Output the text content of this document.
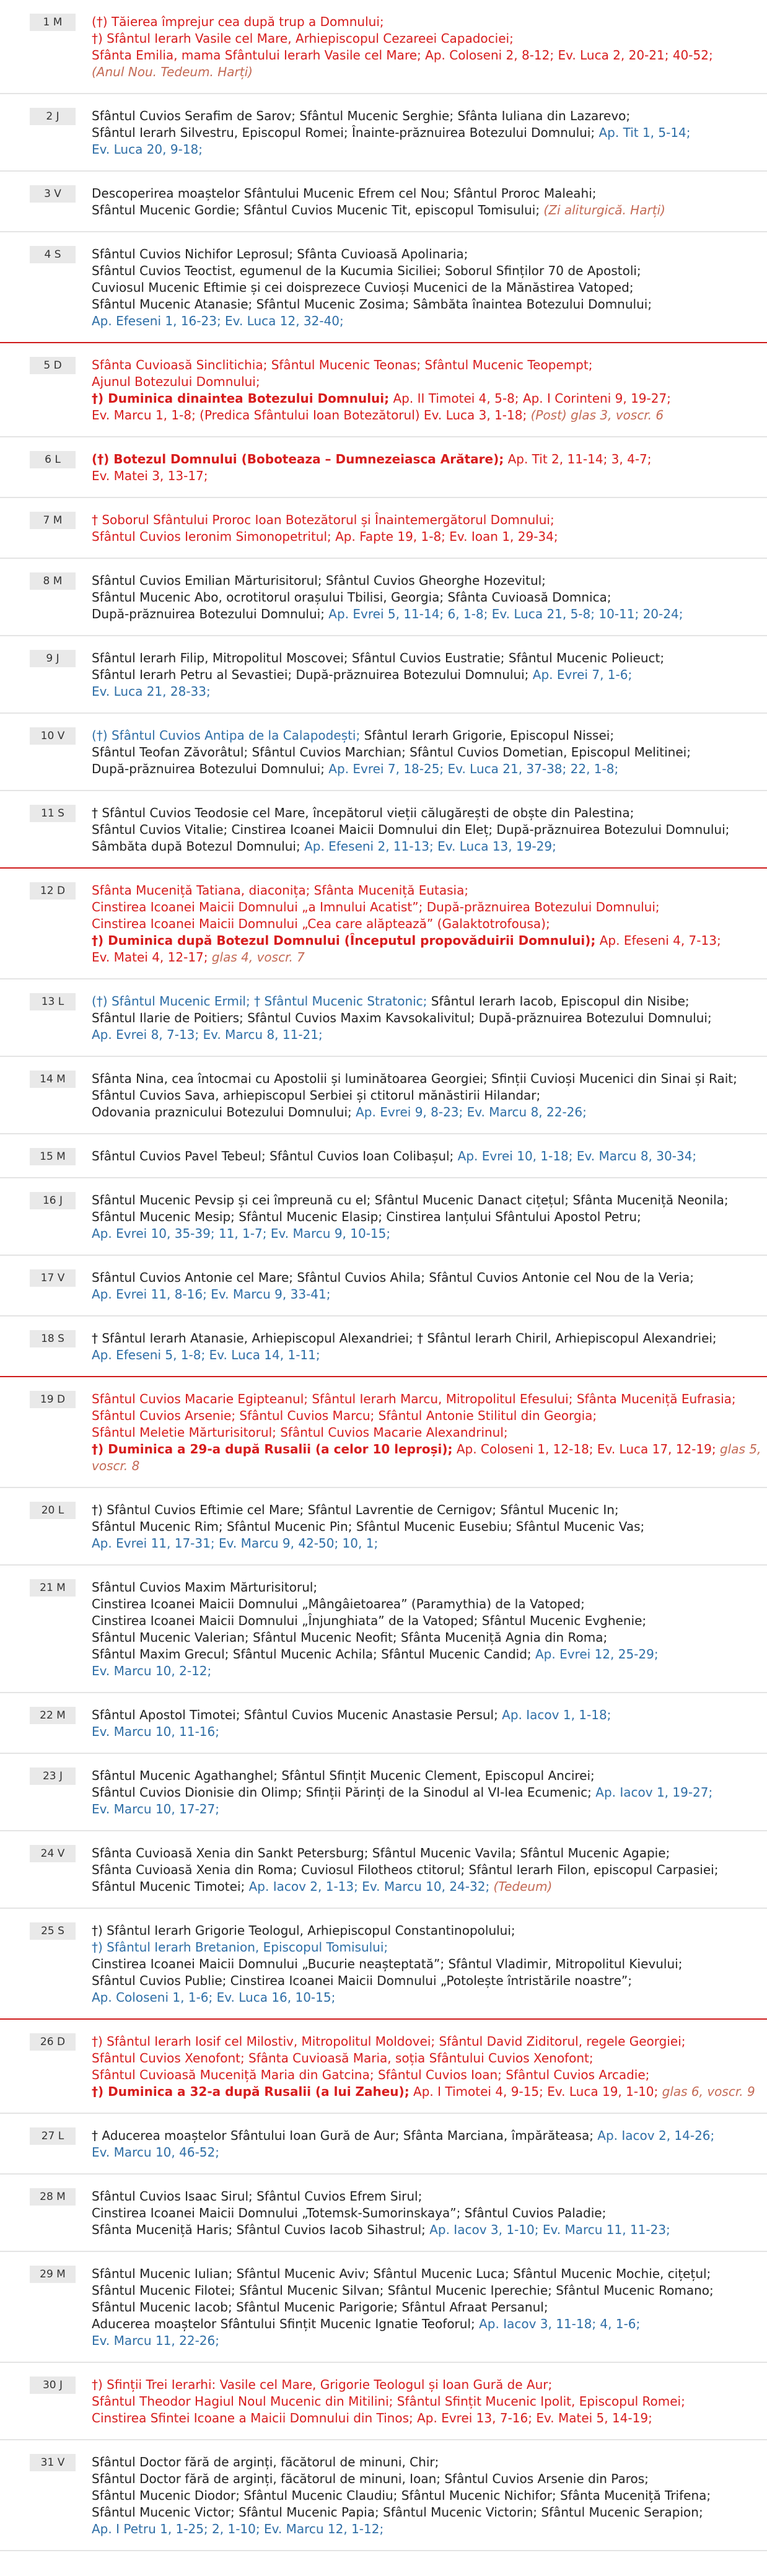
1 M	(†) Tăierea împrejur cea după trup a Domnului;
†) Sfântul Ierarh Vasile cel Mare, Arhiepiscopul Cezareei Capadociei;
Sfânta Emilia, mama Sfântului Ierarh Vasile cel Mare; Ap. Coloseni 2, 8-12; Ev. Luca 2, 20-21; 40-52;
(Anul Nou. Tedeum. Harți)
2 J	Sfântul Cuvios Serafim de Sarov; Sfântul Mucenic Serghie; Sfânta Iuliana din Lazarevo;
Sfântul Ierarh Silvestru, Episcopul Romei; Înainte-prăznuirea Botezului Domnului; Ap. Tit 1, 5-14;
Ev. Luca 20, 9-18;
3 V	Descoperirea moaștelor Sfântului Mucenic Efrem cel Nou; Sfântul Proroc Maleahi;
Sfântul Mucenic Gordie; Sfântul Cuvios Mucenic Tit, episcopul Tomisului; (Zi aliturgică. Harți)
4 S	Sfântul Cuvios Nichifor Leprosul; Sfânta Cuvioasă Apolinaria;
Sfântul Cuvios Teoctist, egumenul de la Kucumia Siciliei; Soborul Sfinților 70 de Apostoli;
Cuviosul Mucenic Eftimie și cei doisprezece Cuvioși Mucenici de la Mănăstirea Vatoped;
Sfântul Mucenic Atanasie; Sfântul Mucenic Zosima; Sâmbăta înaintea Botezului Domnului;
Ap. Efeseni 1, 16-23; Ev. Luca 12, 32-40;
5 D	Sfânta Cuvioasă Sinclitichia; Sfântul Mucenic Teonas; Sfântul Mucenic Teopempt;
Ajunul Botezului Domnului;
†) Duminica dinaintea Botezului Domnului; Ap. II Timotei 4, 5-8; Ap. I Corinteni 9, 19-27;
Ev. Marcu 1, 1-8; (Predica Sfântului Ioan Botezătorul) Ev. Luca 3, 1-18; (Post) glas 3, voscr. 6
6 L	(†) Botezul Domnului (Boboteaza – Dumnezeiasca Arătare); Ap. Tit 2, 11-14; 3, 4-7;
Ev. Matei 3, 13-17;
7 M	† Soborul Sfântului Proroc Ioan Botezătorul și Înaintemergătorul Domnului;
Sfântul Cuvios Ieronim Simonopetritul; Ap. Fapte 19, 1-8; Ev. Ioan 1, 29-34;
8 M	Sfântul Cuvios Emilian Mărturisitorul; Sfântul Cuvios Gheorghe Hozevitul;
Sfântul Mucenic Abo, ocrotitorul orașului Tbilisi, Georgia; Sfânta Cuvioasă Domnica;
După-prăznuirea Botezului Domnului; Ap. Evrei 5, 11-14; 6, 1-8; Ev. Luca 21, 5-8; 10-11; 20-24;
9 J	Sfântul Ierarh Filip, Mitropolitul Moscovei; Sfântul Cuvios Eustratie; Sfântul Mucenic Polieuct;
Sfântul Ierarh Petru al Sevastiei; După-prăznuirea Botezului Domnului; Ap. Evrei 7, 1-6;
Ev. Luca 21, 28-33;
10 V	(†) Sfântul Cuvios Antipa de la Calapodești; Sfântul Ierarh Grigorie, Episcopul Nissei;
Sfântul Teofan Zăvorâtul; Sfântul Cuvios Marchian; Sfântul Cuvios Dometian, Episcopul Melitinei;
După-prăznuirea Botezului Domnului; Ap. Evrei 7, 18-25; Ev. Luca 21, 37-38; 22, 1-8;
11 S	† Sfântul Cuvios Teodosie cel Mare, începătorul vieții călugărești de obște din Palestina;
Sfântul Cuvios Vitalie; Cinstirea Icoanei Maicii Domnului din Eleț; După-prăznuirea Botezului Domnului;
Sâmbăta după Botezul Domnului; Ap. Efeseni 2, 11-13; Ev. Luca 13, 19-29;
12 D	Sfânta Muceniță Tatiana, diaconița; Sfânta Muceniță Eutasia;
Cinstirea Icoanei Maicii Domnului „a Imnului Acatist”; După-prăznuirea Botezului Domnului;
Cinstirea Icoanei Maicii Domnului „Cea care alăptează” (Galaktotrofousa);
†) Duminica după Botezul Domnului (Începutul propovăduirii Domnului); Ap. Efeseni 4, 7-13;
Ev. Matei 4, 12-17; glas 4, voscr. 7
13 L	(†) Sfântul Mucenic Ermil; † Sfântul Mucenic Stratonic; Sfântul Ierarh Iacob, Episcopul din Nisibe;
Sfântul Ilarie de Poitiers; Sfântul Cuvios Maxim Kavsokalivitul; După-prăznuirea Botezului Domnului;
Ap. Evrei 8, 7-13; Ev. Marcu 8, 11-21;
14 M	Sfânta Nina, cea întocmai cu Apostolii și luminătoarea Georgiei; Sfinții Cuvioși Mucenici din Sinai și Rait;
Sfântul Cuvios Sava, arhiepiscopul Serbiei și ctitorul mănăstirii Hilandar;
Odovania praznicului Botezului Domnului; Ap. Evrei 9, 8-23; Ev. Marcu 8, 22-26;
15 M	Sfântul Cuvios Pavel Tebeul; Sfântul Cuvios Ioan Colibașul; Ap. Evrei 10, 1-18; Ev. Marcu 8, 30-34;
16 J	Sfântul Mucenic Pevsip și cei împreună cu el; Sfântul Mucenic Danact cițețul; Sfânta Muceniță Neonila;
Sfântul Mucenic Mesip; Sfântul Mucenic Elasip; Cinstirea lanțului Sfântului Apostol Petru;
Ap. Evrei 10, 35-39; 11, 1-7; Ev. Marcu 9, 10-15;
17 V	Sfântul Cuvios Antonie cel Mare; Sfântul Cuvios Ahila; Sfântul Cuvios Antonie cel Nou de la Veria;
Ap. Evrei 11, 8-16; Ev. Marcu 9, 33-41;
18 S	† Sfântul Ierarh Atanasie, Arhiepiscopul Alexandriei; † Sfântul Ierarh Chiril, Arhiepiscopul Alexandriei;
Ap. Efeseni 5, 1-8; Ev. Luca 14, 1-11;
19 D	Sfântul Cuvios Macarie Egipteanul; Sfântul Ierarh Marcu, Mitropolitul Efesului; Sfânta Muceniță Eufrasia;
Sfântul Cuvios Arsenie; Sfântul Cuvios Marcu; Sfântul Antonie Stilitul din Georgia;
Sfântul Meletie Mărturisitorul; Sfântul Cuvios Macarie Alexandrinul;
†) Duminica a 29-a după Rusalii (a celor 10 leproși); Ap. Coloseni 1, 12-18; Ev. Luca 17, 12-19; glas 5,
voscr. 8
20 L	†) Sfântul Cuvios Eftimie cel Mare; Sfântul Lavrentie de Cernigov; Sfântul Mucenic In;
Sfântul Mucenic Rim; Sfântul Mucenic Pin; Sfântul Mucenic Eusebiu; Sfântul Mucenic Vas;
Ap. Evrei 11, 17-31; Ev. Marcu 9, 42-50; 10, 1;
21 M	Sfântul Cuvios Maxim Mărturisitorul;
Cinstirea Icoanei Maicii Domnului „Mângâietoarea” (Paramythia) de la Vatoped;
Cinstirea Icoanei Maicii Domnului „Înjunghiata” de la Vatoped; Sfântul Mucenic Evghenie;
Sfântul Mucenic Valerian; Sfântul Mucenic Neofit; Sfânta Muceniță Agnia din Roma;
Sfântul Maxim Grecul; Sfântul Mucenic Achila; Sfântul Mucenic Candid; Ap. Evrei 12, 25-29;
Ev. Marcu 10, 2-12;
22 M	Sfântul Apostol Timotei; Sfântul Cuvios Mucenic Anastasie Persul; Ap. Iacov 1, 1-18;
Ev. Marcu 10, 11-16;
23 J	Sfântul Mucenic Agathanghel; Sfântul Sfințit Mucenic Clement, Episcopul Ancirei;
Sfântul Cuvios Dionisie din Olimp; Sfinții Părinți de la Sinodul al VI-lea Ecumenic; Ap. Iacov 1, 19-27;
Ev. Marcu 10, 17-27;
24 V	Sfânta Cuvioasă Xenia din Sankt Petersburg; Sfântul Mucenic Vavila; Sfântul Mucenic Agapie;
Sfânta Cuvioasă Xenia din Roma; Cuviosul Filotheos ctitorul; Sfântul Ierarh Filon, episcopul Carpasiei;
Sfântul Mucenic Timotei; Ap. Iacov 2, 1-13; Ev. Marcu 10, 24-32; (Tedeum)
25 S	†) Sfântul Ierarh Grigorie Teologul, Arhiepiscopul Constantinopolului;
†) Sfântul Ierarh Bretanion, Episcopul Tomisului;
Cinstirea Icoanei Maicii Domnului „Bucurie neașteptată”; Sfântul Vladimir, Mitropolitul Kievului;
Sfântul Cuvios Publie; Cinstirea Icoanei Maicii Domnului „Potolește întristările noastre”;
Ap. Coloseni 1, 1-6; Ev. Luca 16, 10-15;
26 D	†) Sfântul Ierarh Iosif cel Milostiv, Mitropolitul Moldovei; Sfântul David Ziditorul, regele Georgiei;
Sfântul Cuvios Xenofont; Sfânta Cuvioasă Maria, soția Sfântului Cuvios Xenofont;
Sfântul Cuvioasă Muceniță Maria din Gatcina; Sfântul Cuvios Ioan; Sfântul Cuvios Arcadie;
†) Duminica a 32-a după Rusalii (a lui Zaheu); Ap. I Timotei 4, 9-15; Ev. Luca 19, 1-10; glas 6, voscr. 9
27 L	† Aducerea moaștelor Sfântului Ioan Gură de Aur; Sfânta Marciana, împărăteasa; Ap. Iacov 2, 14-26;
Ev. Marcu 10, 46-52;
28 M	Sfântul Cuvios Isaac Sirul; Sfântul Cuvios Efrem Sirul;
Cinstirea Icoanei Maicii Domnului „Totemsk-Sumorinskaya”; Sfântul Cuvios Paladie;
Sfânta Muceniță Haris; Sfântul Cuvios Iacob Sihastrul; Ap. Iacov 3, 1-10; Ev. Marcu 11, 11-23;
29 M	Sfântul Mucenic Iulian; Sfântul Mucenic Aviv; Sfântul Mucenic Luca; Sfântul Mucenic Mochie, cițețul;
Sfântul Mucenic Filotei; Sfântul Mucenic Silvan; Sfântul Mucenic Iperechie; Sfântul Mucenic Romano;
Sfântul Mucenic Iacob; Sfântul Mucenic Parigorie; Sfântul Afraat Persanul;
Aducerea moaștelor Sfântului Sfințit Mucenic Ignatie Teoforul; Ap. Iacov 3, 11-18; 4, 1-6;
Ev. Marcu 11, 22-26;
30 J	†) Sfinții Trei Ierarhi: Vasile cel Mare, Grigorie Teologul și Ioan Gură de Aur;
Sfântul Theodor Hagiul Noul Mucenic din Mitilini; Sfântul Sfințit Mucenic Ipolit, Episcopul Romei;
Cinstirea Sfintei Icoane a Maicii Domnului din Tinos; Ap. Evrei 13, 7-16; Ev. Matei 5, 14-19;
31 V	Sfântul Doctor fără de arginți, făcătorul de minuni, Chir;
Sfântul Doctor fără de arginți, făcătorul de minuni, Ioan; Sfântul Cuvios Arsenie din Paros;
Sfântul Mucenic Diodor; Sfântul Mucenic Claudiu; Sfântul Mucenic Nichifor; Sfânta Muceniță Trifena;
Sfântul Mucenic Victor; Sfântul Mucenic Papia; Sfântul Mucenic Victorin; Sfântul Mucenic Serapion;
Ap. I Petru 1, 1-25; 2, 1-10; Ev. Marcu 12, 1-12;
